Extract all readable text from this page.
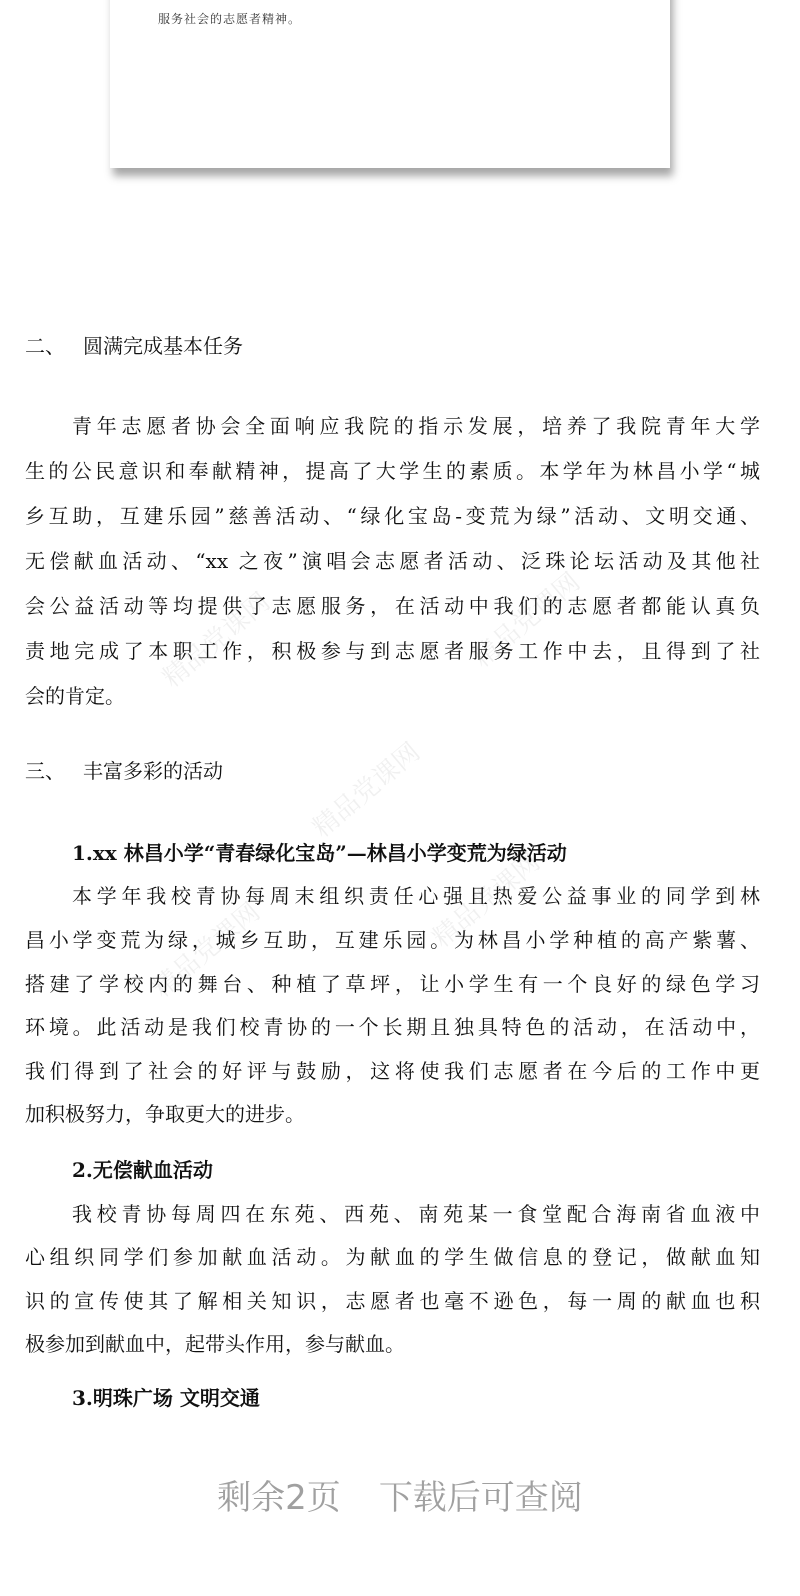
服务社会的志愿者精神。
精品党课网	精品党课网
精品党课网
精品党课网
精品党课网
二、 圆满完成基本任务
青年志愿者协会全面响应我院的指示发展，培养了我院青年大学
生的公民意识和奉献精神，提高了大学生的素质。本学年为林昌小学“城
乡互助，互建乐园”慈善活动、“绿化宝岛-变荒为绿”活动、文明交通、
无偿献血活动、“xx 之夜”演唱会志愿者活动、泛珠论坛活动及其他社
会公益活动等均提供了志愿服务，在活动中我们的志愿者都能认真负
责地完成了本职工作，积极参与到志愿者服务工作中去，且得到了社
会的肯定。
三、 丰富多彩的活动
1.xx 林昌小学“青春绿化宝岛”—林昌小学变荒为绿活动
本学年我校青协每周末组织责任心强且热爱公益事业的同学到林
昌小学变荒为绿，城乡互助，互建乐园。为林昌小学种植的高产紫薯、
搭建了学校内的舞台、种植了草坪，让小学生有一个良好的绿色学习
环境。此活动是我们校青协的一个长期且独具特色的活动，在活动中，
我们得到了社会的好评与鼓励，这将使我们志愿者在今后的工作中更
加积极努力，争取更大的进步。
2.无偿献血活动
我校青协每周四在东苑、西苑、南苑某一食堂配合海南省血液中
心组织同学们参加献血活动。为献血的学生做信息的登记，做献血知
识的宣传使其了解相关知识，志愿者也毫不逊色，每一周的献血也积
极参加到献血中，起带头作用，参与献血。
3.明珠广场 文明交通
剩余2页 下载后可查阅
